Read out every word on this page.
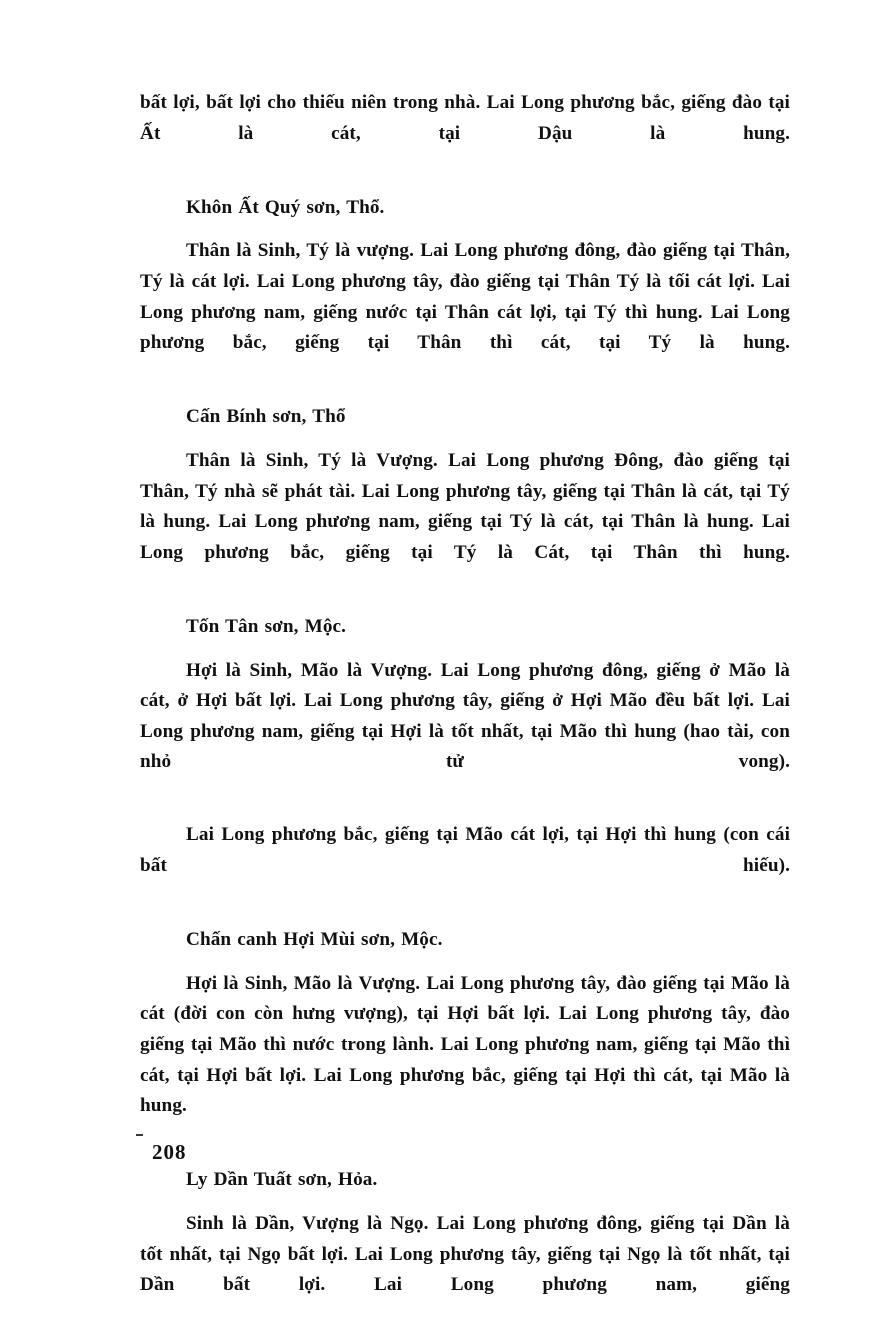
bất lợi, bất lợi cho thiếu niên trong nhà. Lai Long phương bắc, giếng đào tại Ất là cát, tại Dậu là hung.

Khôn Ất Quý sơn, Thổ.

Thân là Sinh, Tý là vượng. Lai Long phương đông, đào giếng tại Thân, Tý là cát lợi. Lai Long phương tây, đào giếng tại Thân Tý là tối cát lợi. Lai Long phương nam, giếng nước tại Thân cát lợi, tại Tý thì hung. Lai Long phương bắc, giếng tại Thân thì cát, tại Tý là hung.

Cấn Bính sơn, Thổ

Thân là Sinh, Tý là Vượng. Lai Long phương Đông, đào giếng tại Thân, Tý nhà sẽ phát tài. Lai Long phương tây, giếng tại Thân là cát, tại Tý là hung. Lai Long phương nam, giếng tại Tý là cát, tại Thân là hung. Lai Long phương bắc, giếng tại Tý là Cát, tại Thân thì hung.

Tốn Tân sơn, Mộc.

Hợi là Sinh, Mão là Vượng. Lai Long phương đông, giếng ở Mão là cát, ở Hợi bất lợi. Lai Long phương tây, giếng ở Hợi Mão đều bất lợi. Lai Long phương nam, giếng tại Hợi là tốt nhất, tại Mão thì hung (hao tài, con nhỏ tử vong).

Lai Long phương bắc, giếng tại Mão cát lợi, tại Hợi thì hung (con cái bất hiếu).

Chấn canh Hợi Mùi sơn, Mộc.

Hợi là Sinh, Mão là Vượng. Lai Long phương tây, đào giếng tại Mão là cát (đời con còn hưng vượng), tại Hợi bất lợi. Lai Long phương tây, đào giếng tại Mão thì nước trong lành. Lai Long phương nam, giếng tại Mão thì cát, tại Hợi bất lợi. Lai Long phương bắc, giếng tại Hợi thì cát, tại Mão là hung.

Ly Dần Tuất sơn, Hỏa.

Sinh là Dần, Vượng là Ngọ. Lai Long phương đông, giếng tại Dần là tốt nhất, tại Ngọ bất lợi. Lai Long phương tây, giếng tại Ngọ là tốt nhất, tại Dần bất lợi. Lai Long phương nam, giếng

208
